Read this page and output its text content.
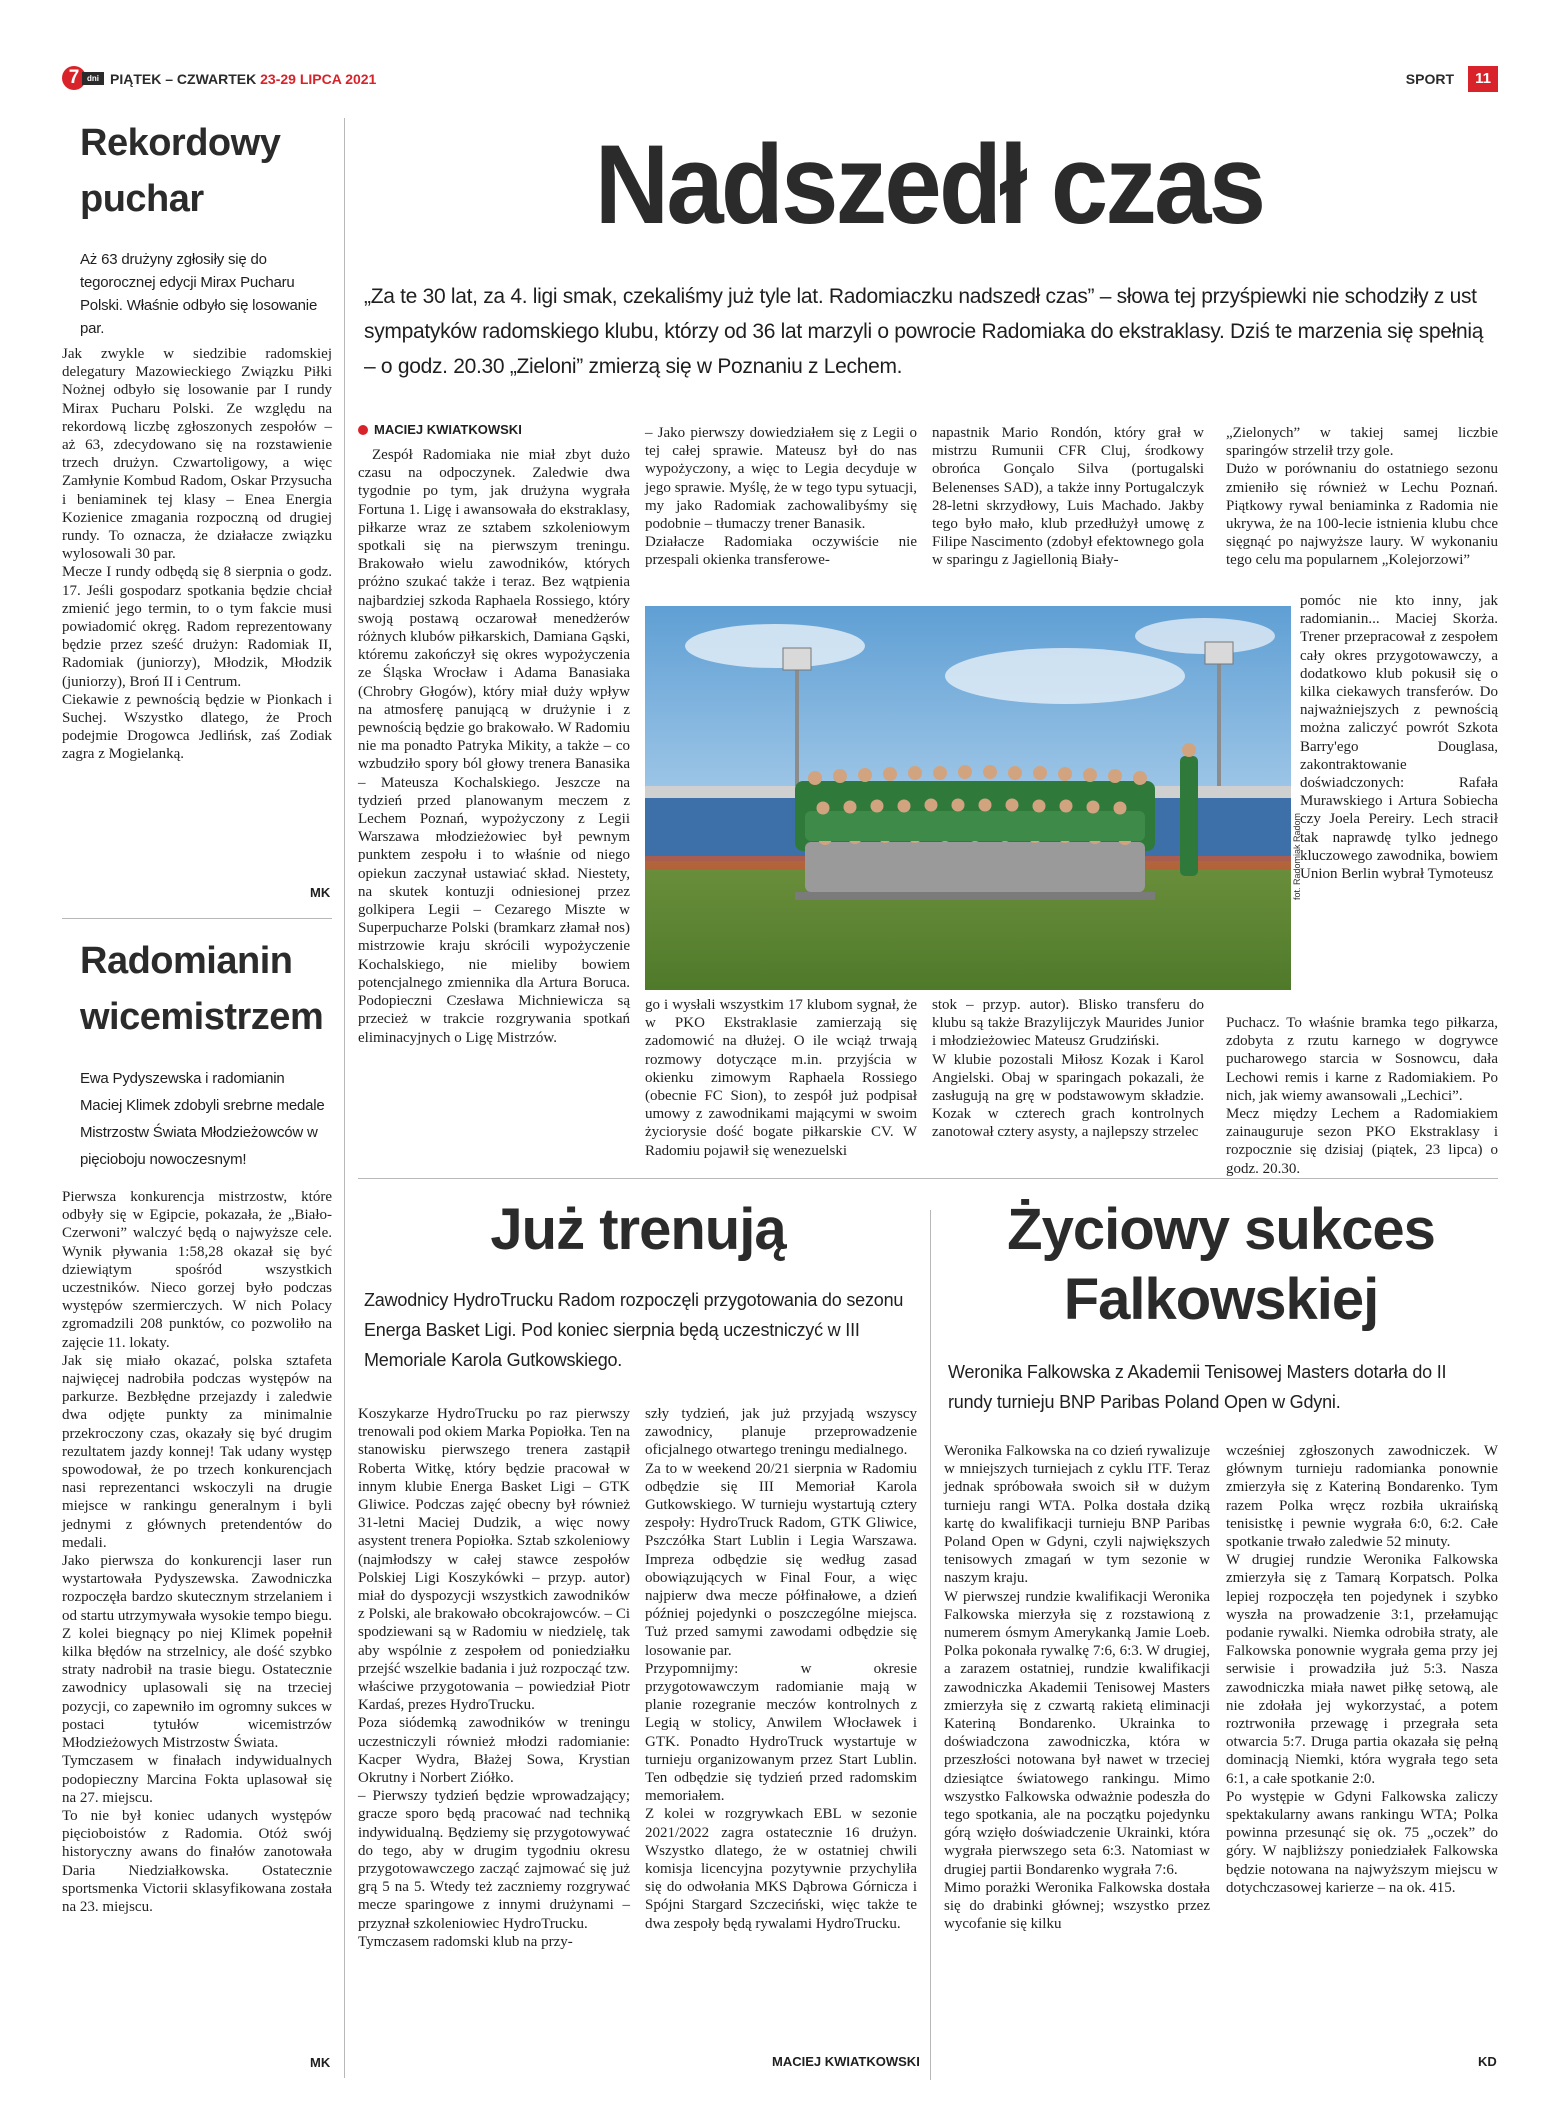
7 dni PIĄTEK – CZWARTEK 23-29 LIPCA 2021	SPORT	11
Rekordowy puchar
Aż 63 drużyny zgłosiły się do tegorocznej edycji Mirax Pucharu Polski. Właśnie odbyło się losowanie par.
Jak zwykle w siedzibie radomskiej delegatury Mazowieckiego Związku Piłki Nożnej odbyło się losowanie par I rundy Mirax Pucharu Polski. Ze względu na rekordową liczbę zgłoszonych zespołów – aż 63, zdecydowano się na rozstawienie trzech drużyn. Czwartoligowy, a więc Zamłynie Kombud Radom, Oskar Przysucha i beniaminek tej klasy – Enea Energia Kozienice zmagania rozpoczną od drugiej rundy. To oznacza, że działacze związku wylosowali 30 par.
Mecze I rundy odbędą się 8 sierpnia o godz. 17. Jeśli gospodarz spotkania będzie chciał zmienić jego termin, to o tym fakcie musi powiadomić okręg. Radom reprezentowany będzie przez sześć drużyn: Radomiak II, Radomiak (juniorzy), Młodzik, Młodzik (juniorzy), Broń II i Centrum.
Ciekawie z pewnością będzie w Pionkach i Suchej. Wszystko dlatego, że Proch podejmie Drogowca Jedlińsk, zaś Zodiak zagra z Mogielanką.
MK
Radomianin wicemistrzem
Ewa Pydyszewska i radomianin Maciej Klimek zdobyli srebrne medale Mistrzostw Świata Młodzieżowców w pięcioboju nowoczesnym!
Pierwsza konkurencja mistrzostw, które odbyły się w Egipcie, pokazała, że „Biało-Czerwoni” walczyć będą o najwyższe cele. Wynik pływania 1:58,28 okazał się być dziewiątym spośród wszystkich uczestników. Nieco gorzej było podczas występów szermierczych. W nich Polacy zgromadzili 208 punktów, co pozwoliło na zajęcie 11. lokaty.
Jak się miało okazać, polska sztafeta najwięcej nadrobiła podczas występów na parkurze. Bezbłędne przejazdy i zaledwie dwa odjęte punkty za minimalnie przekroczony czas, okazały się być drugim rezultatem jazdy konnej! Tak udany występ spowodował, że po trzech konkurencjach nasi reprezentanci wskoczyli na drugie miejsce w rankingu generalnym i byli jednymi z głównych pretendentów do medali.
Jako pierwsza do konkurencji laser run wystartowała Pydyszewska. Zawodniczka rozpoczęła bardzo skutecznym strzelaniem i od startu utrzymywała wysokie tempo biegu. Z kolei biegnący po niej Klimek popełnił kilka błędów na strzelnicy, ale dość szybko straty nadrobił na trasie biegu. Ostatecznie zawodnicy uplasowali się na trzeciej pozycji, co zapewniło im ogromny sukces w postaci tytułów wicemistrzów Młodzieżowych Mistrzostw Świata.
Tymczasem w finałach indywidualnych podopieczny Marcina Fokta uplasował się na 27. miejscu.
To nie był koniec udanych występów pięcioboistów z Radomia. Otóż swój historyczny awans do finałów zanotowała Daria Niedziałkowska. Ostatecznie sportsmenka Victorii sklasyfikowana została na 23. miejscu.
MK
Nadszedł czas
„Za te 30 lat, za 4. ligi smak, czekaliśmy już tyle lat. Radomiaczku nadszedł czas” – słowa tej przyśpiewki nie schodziły z ust sympatyków radomskiego klubu, którzy od 36 lat marzyli o powrocie Radomiaka do ekstraklasy. Dziś te marzenia się spełnią – o godz. 20.30 „Zieloni” zmierzą się w Poznaniu z Lechem.
MACIEJ KWIATKOWSKI
Zespół Radomiaka nie miał zbyt dużo czasu na odpoczynek. Zaledwie dwa tygodnie po tym, jak drużyna wygrała Fortuna 1. Ligę i awansowała do ekstraklasy, piłkarze wraz ze sztabem szkoleniowym spotkali się na pierwszym treningu. Brakowało wielu zawodników, których próżno szukać także i teraz. Bez wątpienia najbardziej szkoda Raphaela Rossiego, który swoją postawą oczarował menedżerów różnych klubów piłkarskich, Damiana Gąski, któremu zakończył się okres wypożyczenia ze Śląska Wrocław i Adama Banasiaka (Chrobry Głogów), który miał duży wpływ na atmosferę panującą w drużynie i z pewnością będzie go brakowało. W Radomiu nie ma ponadto Patryka Mikity, a także – co wzbudziło spory ból głowy trenera Banasika – Mateusza Kochalskiego. Jeszcze na tydzień przed planowanym meczem z Lechem Poznań, wypożyczony z Legii Warszawa młodzieżowiec był pewnym punktem zespołu i to właśnie od niego opiekun zaczynał ustawiać skład. Niestety, na skutek kontuzji odniesionej przez golkipera Legii – Cezarego Miszte w Superpucharze Polski (bramkarz złamał nos) mistrzowie kraju skrócili wypożyczenie Kochalskiego, nie mieliby bowiem potencjalnego zmiennika dla Artura Boruca. Podopieczni Czesława Michniewicza są przecież w trakcie rozgrywania spotkań eliminacyjnych o Ligę Mistrzów.
– Jako pierwszy dowiedziałem się z Legii o tej całej sprawie. Mateusz był do nas wypożyczony, a więc to Legia decyduje w jego sprawie. Myślę, że w tego typu sytuacji, my jako Radomiak zachowalibyśmy się podobnie – tłumaczy trener Banasik.
Działacze Radomiaka oczywiście nie przespali okienka transferowe-
napastnik Mario Rondón, który grał w mistrzu Rumunii CFR Cluj, środkowy obrońca Gonçalo Silva (portugalski Belenenses SAD), a także inny Portugalczyk 28-letni skrzydłowy, Luis Machado. Jakby tego było mało, klub przedłużył umowę z Filipe Nascimento (zdobył efektownego gola w sparingu z Jagiellonią Biały-
„Zielonych” w takiej samej liczbie sparingów strzelił trzy gole.
Dużo w porównaniu do ostatniego sezonu zmieniło się również w Lechu Poznań. Piątkowy rywal beniaminka z Radomia nie ukrywa, że na 100-lecie istnienia klubu chce sięgnąć po najwyższe laury. W wykonaniu tego celu ma popularnem „Kolejorzowi”
fot. Radomiak Radom
pomóc nie kto inny, jak radomianin... Maciej Skorża. Trener przepracował z zespołem cały okres przygotowawczy, a dodatkowo klub pokusił się o kilka ciekawych transferów. Do najważniejszych z pewnością można zaliczyć powrót Szkota Barry'ego Douglasa, zakontraktowanie doświadczonych: Rafała Murawskiego i Artura Sobiecha czy Joela Pereiry. Lech stracił tak naprawdę tylko jednego kluczowego zawodnika, bowiem Union Berlin wybrał Tymoteusz
go i wysłali wszystkim 17 klubom sygnał, że w PKO Ekstraklasie zamierzają się zadomowić na dłużej. O ile wciąż trwają rozmowy dotyczące m.in. przyjścia w okienku zimowym Raphaela Rossiego (obecnie FC Sion), to zespół już podpisał umowy z zawodnikami mającymi w swoim życiorysie dość bogate piłkarskie CV. W Radomiu pojawił się wenezuelski
stok – przyp. autor). Blisko transferu do klubu są także Brazylijczyk Maurides Junior i młodzieżowiec Mateusz Grudziński.
W klubie pozostali Miłosz Kozak i Karol Angielski. Obaj w sparingach pokazali, że zasługują na grę w podstawowym składzie. Kozak w czterech grach kontrolnych zanotował cztery asysty, a najlepszy strzelec
Puchacz. To właśnie bramka tego piłkarza, zdobyta z rzutu karnego w dogrywce pucharowego starcia w Sosnowcu, dała Lechowi remis i karne z Radomiakiem. Po nich, jak wiemy awansowali „Lechici”.
Mecz między Lechem a Radomiakiem zainauguruje sezon PKO Ekstraklasy i rozpocznie się dzisiaj (piątek, 23 lipca) o godz. 20.30.
Już trenują
Zawodnicy HydroTrucku Radom rozpoczęli przygotowania do sezonu Energa Basket Ligi. Pod koniec sierpnia będą uczestniczyć w III Memoriale Karola Gutkowskiego.
Koszykarze HydroTrucku po raz pierwszy trenowali pod okiem Marka Popiołka. Ten na stanowisku pierwszego trenera zastąpił Roberta Witkę, który będzie pracował w innym klubie Energa Basket Ligi – GTK Gliwice. Podczas zajęć obecny był również 31-letni Maciej Dudzik, a więc nowy asystent trenera Popiołka. Sztab szkoleniowy (najmłodszy w całej stawce zespołów Polskiej Ligi Koszykówki – przyp. autor) miał do dyspozycji wszystkich zawodników z Polski, ale brakowało obcokrajowców. – Ci spodziewani są w Radomiu w niedzielę, tak aby wspólnie z zespołem od poniedziałku przejść wszelkie badania i już rozpocząć tzw. właściwe przygotowania – powiedział Piotr Kardaś, prezes HydroTrucku.
Poza siódemką zawodników w treningu uczestniczyli również młodzi radomianie: Kacper Wydra, Błażej Sowa, Krystian Okrutny i Norbert Ziółko.
– Pierwszy tydzień będzie wprowadzający; gracze sporo będą pracować nad techniką indywidualną. Będziemy się przygotowywać do tego, aby w drugim tygodniu okresu przygotowawczego zacząć zajmować się już grą 5 na 5. Wtedy też zaczniemy rozgrywać mecze sparingowe z innymi drużynami – przyznał szkoleniowiec HydroTrucku.
Tymczasem radomski klub na przy-
szły tydzień, jak już przyjadą wszyscy zawodnicy, planuje przeprowadzenie oficjalnego otwartego treningu medialnego.
Za to w weekend 20/21 sierpnia w Radomiu odbędzie się III Memoriał Karola Gutkowskiego. W turnieju wystartują cztery zespoły: HydroTruck Radom, GTK Gliwice, Pszczółka Start Lublin i Legia Warszawa. Impreza odbędzie się według zasad obowiązujących w Final Four, a więc najpierw dwa mecze półfinałowe, a dzień później pojedynki o poszczególne miejsca. Tuż przed samymi zawodami odbędzie się losowanie par.
Przypomnijmy: w okresie przygotowawczym radomianie mają w planie rozegranie meczów kontrolnych z Legią w stolicy, Anwilem Włocławek i GTK. Ponadto HydroTruck wystartuje w turnieju organizowanym przez Start Lublin. Ten odbędzie się tydzień przed radomskim memoriałem.
Z kolei w rozgrywkach EBL w sezonie 2021/2022 zagra ostatecznie 16 drużyn. Wszystko dlatego, że w ostatniej chwili komisja licencyjna pozytywnie przychyliła się do odwołania MKS Dąbrowa Górnicza i Spójni Stargard Szczeciński, więc także te dwa zespoły będą rywalami HydroTrucku.
MACIEJ KWIATKOWSKI
Życiowy sukces
Falkowskiej
Weronika Falkowska z Akademii Tenisowej Masters dotarła do II rundy turnieju BNP Paribas Poland Open w Gdyni.
Weronika Falkowska na co dzień rywalizuje w mniejszych turniejach z cyklu ITF. Teraz jednak spróbowała swoich sił w dużym turnieju rangi WTA. Polka dostała dziką kartę do kwalifikacji turnieju BNP Paribas Poland Open w Gdyni, czyli największych tenisowych zmagań w tym sezonie w naszym kraju.
W pierwszej rundzie kwalifikacji Weronika Falkowska mierzyła się z rozstawioną z numerem ósmym Amerykanką Jamie Loeb. Polka pokonała rywalkę 7:6, 6:3. W drugiej, a zarazem ostatniej, rundzie kwalifikacji zawodniczka Akademii Tenisowej Masters zmierzyła się z czwartą rakietą eliminacji Kateriną Bondarenko. Ukrainka to doświadczona zawodniczka, która w przeszłości notowana był nawet w trzeciej dziesiątce światowego rankingu. Mimo wszystko Falkowska odważnie podeszła do tego spotkania, ale na początku pojedynku górą wzięło doświadczenie Ukrainki, która wygrała pierwszego seta 6:3. Natomiast w drugiej partii Bondarenko wygrała 7:6.
Mimo porażki Weronika Falkowska dostała się do drabinki głównej; wszystko przez wycofanie się kilku
wcześniej zgłoszonych zawodniczek. W głównym turnieju radomianka ponownie zmierzyła się z Kateriną Bondarenko. Tym razem Polka wręcz rozbiła ukraińską tenisistkę i pewnie wygrała 6:0, 6:2. Całe spotkanie trwało zaledwie 52 minuty.
W drugiej rundzie Weronika Falkowska zmierzyła się z Tamarą Korpatsch. Polka lepiej rozpoczęła ten pojedynek i szybko wyszła na prowadzenie 3:1, przełamując podanie rywalki. Niemka odrobiła straty, ale Falkowska ponownie wygrała gema przy jej serwisie i prowadziła już 5:3. Nasza zawodniczka miała nawet piłkę setową, ale nie zdołała jej wykorzystać, a potem roztrwoniła przewagę i przegrała seta otwarcia 5:7. Druga partia okazała się pełną dominacją Niemki, która wygrała tego seta 6:1, a całe spotkanie 2:0.
Po występie w Gdyni Falkowska zaliczy spektakularny awans rankingu WTA; Polka powinna przesunąć się ok. 75 „oczek” do góry. W najbliższy poniedziałek Falkowska będzie notowana na najwyższym miejscu w dotychczasowej karierze – na ok. 415.
KD
